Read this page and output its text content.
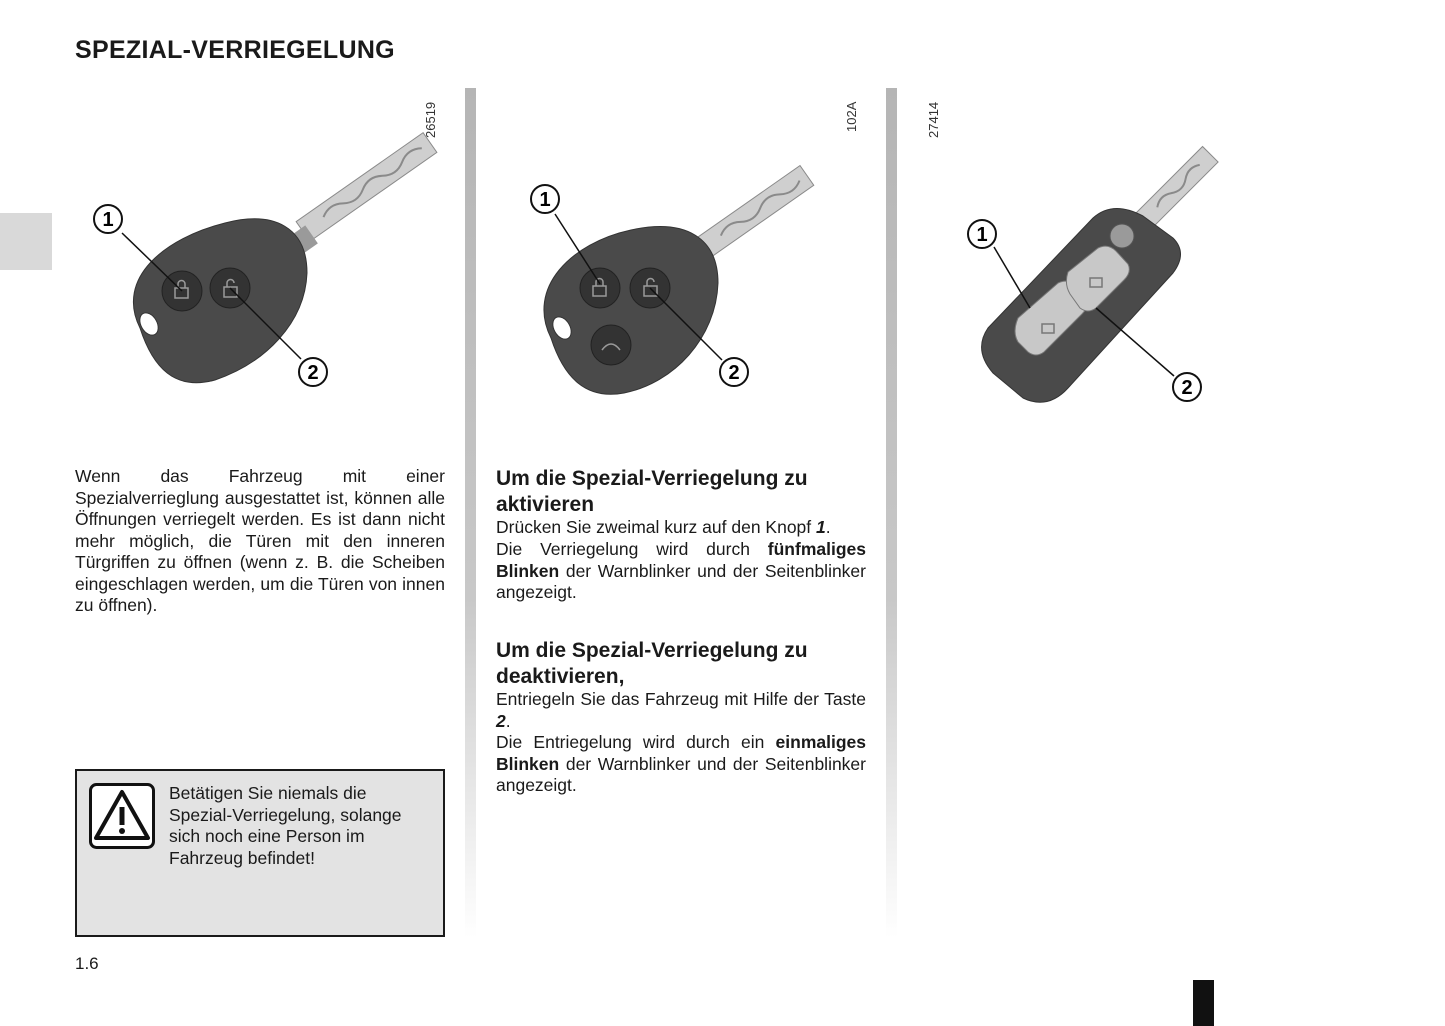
SPEZIAL-VERRIEGELUNG
26519
1
2
102A
1
2
27414
1
2

Wenn das Fahrzeug mit einer Spezialverrieglung ausgestattet ist, können alle Öffnungen verriegelt werden. Es ist dann nicht mehr möglich, die Türen mit den inneren Türgriffen zu öffnen (wenn z. B. die Scheiben eingeschlagen werden, um die Türen von innen zu öffnen).

Betätigen Sie niemals die Spezial-Verriegelung, solange sich noch eine Person im Fahrzeug befindet!

1.6
Um die Spezial-Verriegelung zu aktivieren

Drücken Sie zweimal kurz auf den Knopf 1.

Die Verriegelung wird durch fünfmaliges Blinken der Warnblinker und der Seitenblinker angezeigt.

Um die Spezial-Verriegelung zu deaktivieren,

Entriegeln Sie das Fahrzeug mit Hilfe der Taste 2.

Die Entriegelung wird durch ein einmaliges Blinken der Warnblinker und der Seitenblinker angezeigt.
